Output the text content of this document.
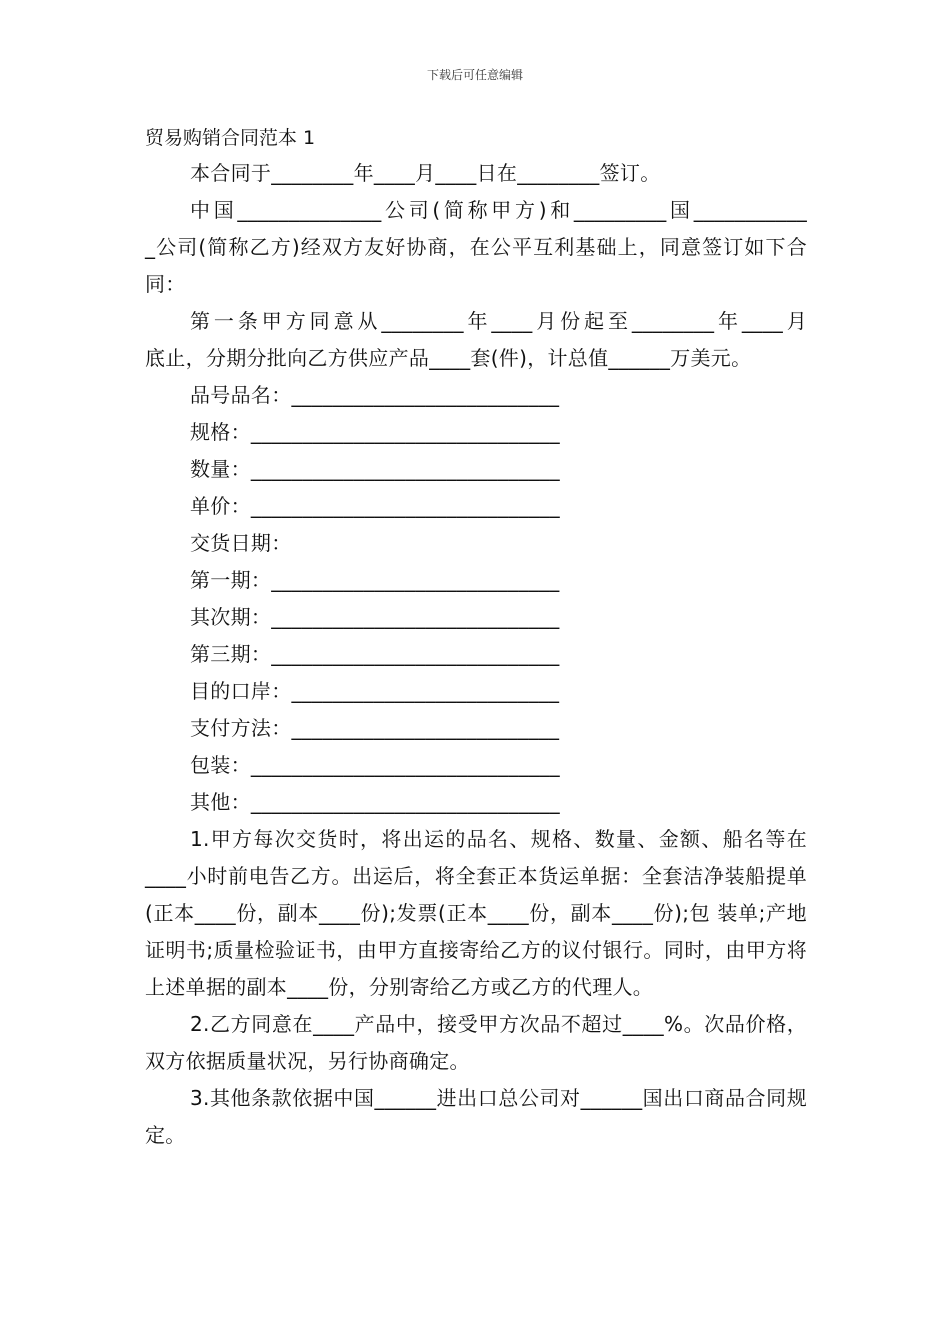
下载后可任意编辑
贸易购销合同范本 1

本合同于________年____月____日在________签订。

中国______________公司(简称甲方)和_________国___________

_公司(简称乙方)经双方友好协商，在公平互利基础上，同意签订如下合同：

第一条甲方同意从________年____月份起至________年____月

底止，分期分批向乙方供应产品____套(件)，计总值______万美元。

品号品名：__________________________

规格：______________________________

数量：______________________________

单价：______________________________

交货日期：

第一期：____________________________

其次期：____________________________

第三期：____________________________

目的口岸：__________________________

支付方法：__________________________

包装：______________________________

其他：______________________________

1.甲方每次交货时，将出运的品名、规格、数量、金额、船名等在____小时前电告乙方。出运后，将全套正本货运单据：全套洁净装船提单(正本____份，副本____份);发票(正本____份，副本____份);包 装单;产地证明书;质量检验证书，由甲方直接寄给乙方的议付银行。同时，由甲方将上述单据的副本____份，分别寄给乙方或乙方的代理人。

2.乙方同意在____产品中，接受甲方次品不超过____%。次品价格，双方依据质量状况，另行协商确定。

3.其他条款依据中国______进出口总公司对______国出口商品合同规定。
